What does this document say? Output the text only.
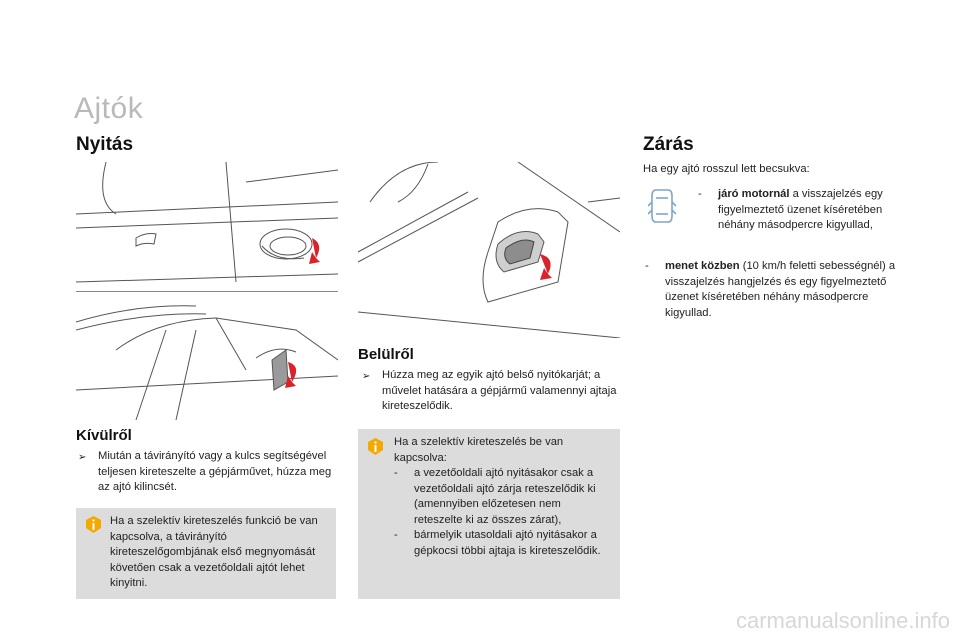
Ajtók
Nyitás
Kívülről
➢	Miután a távirányító vagy a kulcs segítségével teljesen kireteszelte a gépjárművet, húzza meg az ajtó kilincsét.
Ha a szelektív kireteszelés funkció be van kapcsolva, a távirányító kireteszelőgombjának első megnyomását követően csak a vezetőoldali ajtót lehet kinyitni.
Belülről
➢	Húzza meg az egyik ajtó belső nyitókarját; a művelet hatására a gépjármű valamennyi ajtaja kireteszelődik.
Ha a szelektív kireteszelés be van kapcsolva:
-	a vezetőoldali ajtó nyitásakor csak a vezetőoldali ajtó zárja reteszelődik ki (amennyiben előzetesen nem reteszelte ki az összes zárat),
-	bármelyik utasoldali ajtó nyitásakor a gépkocsi többi ajtaja is kireteszelődik.
Zárás
Ha egy ajtó rosszul lett becsukva:
-	járó motornál a visszajelzés egy figyelmeztető üzenet kíséretében néhány másodpercre kigyullad,
-	menet közben (10 km/h feletti sebességnél) a visszajelzés hangjelzés és egy figyelmeztető üzenet kíséretében néhány másodpercre kigyullad.
carmanualsonline.info
